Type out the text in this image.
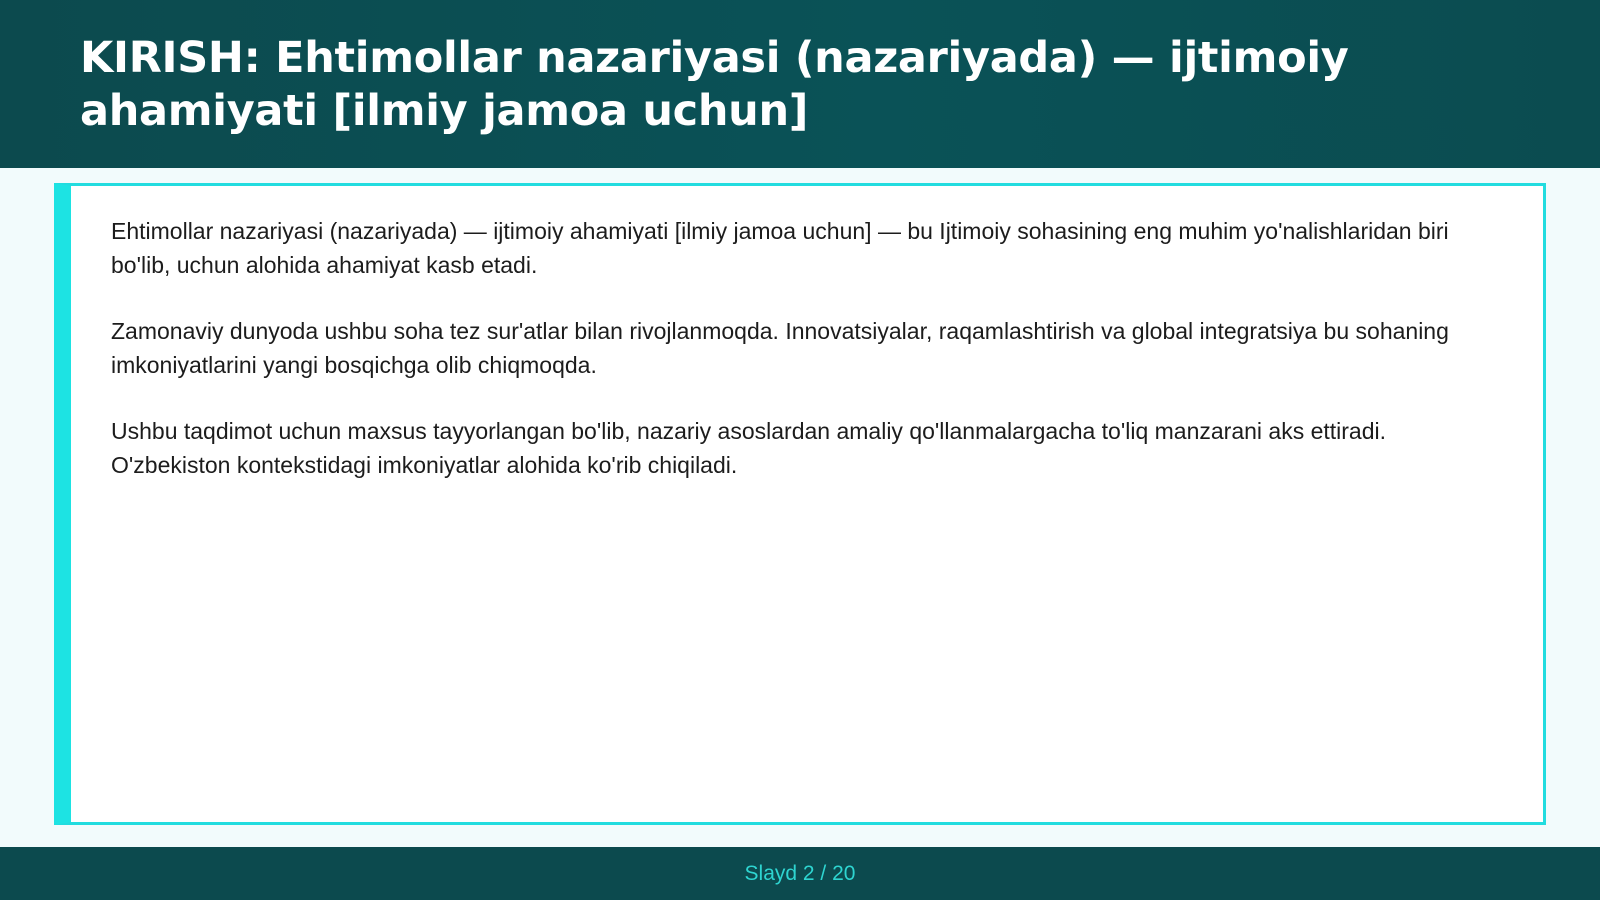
KIRISH: Ehtimollar nazariyasi (nazariyada) — ijtimoiy ahamiyati [ilmiy jamoa uchun]

Ehtimollar nazariyasi (nazariyada) — ijtimoiy ahamiyati [ilmiy jamoa uchun] — bu Ijtimoiy sohasining eng muhim yo'nalishlaridan biri bo'lib, uchun alohida ahamiyat kasb etadi.

Zamonaviy dunyoda ushbu soha tez sur'atlar bilan rivojlanmoqda. Innovatsiyalar, raqamlashtirish va global integratsiya bu sohaning imkoniyatlarini yangi bosqichga olib chiqmoqda.

Ushbu taqdimot uchun maxsus tayyorlangan bo'lib, nazariy asoslardan amaliy qo'llanmalargacha to'liq manzarani aks ettiradi. O'zbekiston kontekstidagi imkoniyatlar alohida ko'rib chiqiladi.

Slayd 2 / 20
